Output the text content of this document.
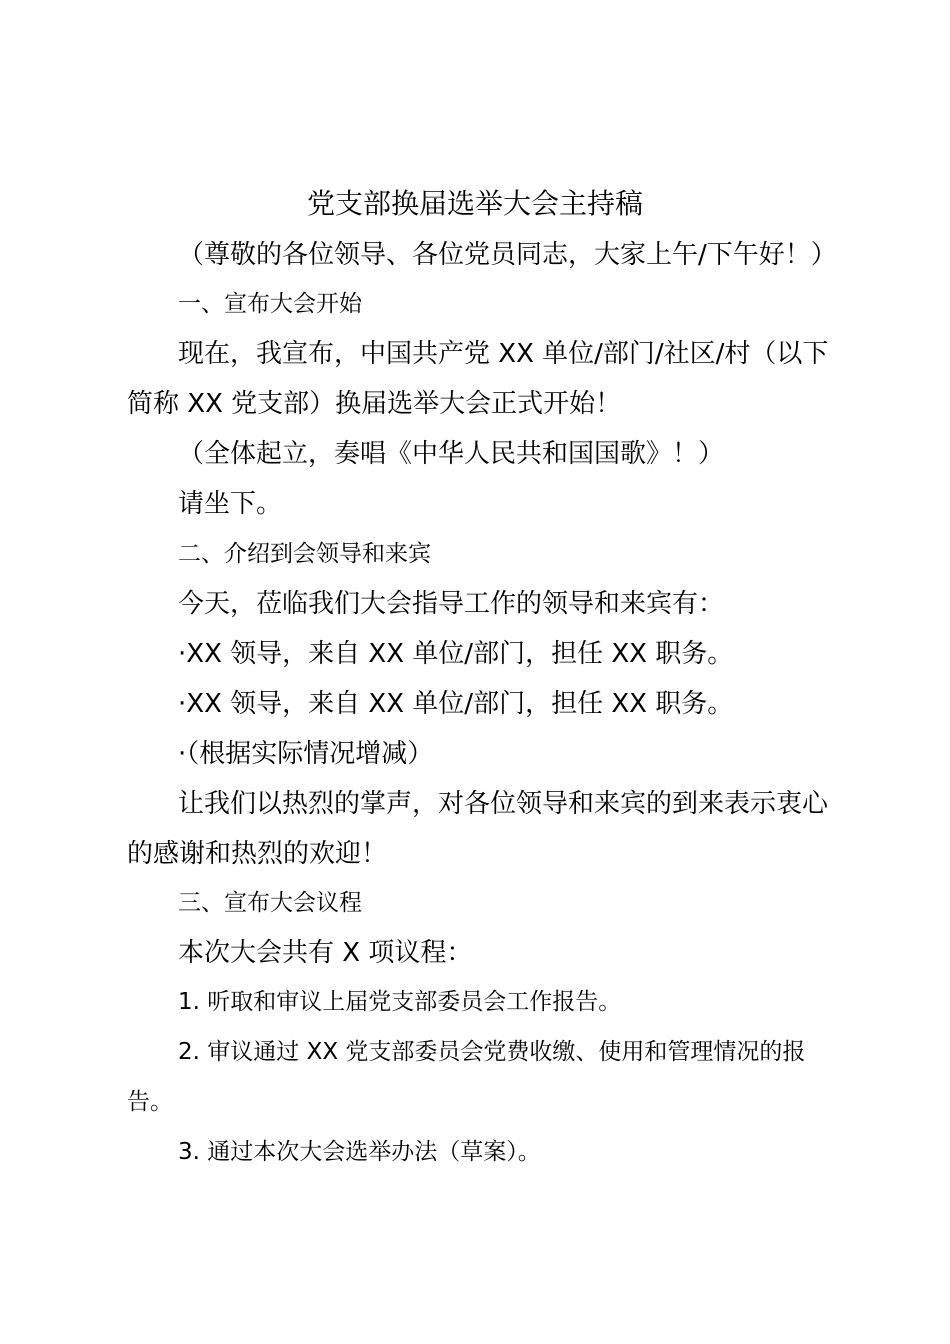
党支部换届选举大会主持稿
（尊敬的各位领导、各位党员同志，大家上午/下午好！）
一、宣布大会开始
现在，我宣布，中国共产党 XX 单位/部门/社区/村（以下
简称 XX 党支部）换届选举大会正式开始！
（全体起立，奏唱《中华人民共和国国歌》！）
请坐下。
二、介绍到会领导和来宾
今天，莅临我们大会指导工作的领导和来宾有：
·XX 领导，来自 XX 单位/部门，担任 XX 职务。
·XX 领导，来自 XX 单位/部门，担任 XX 职务。
·（根据实际情况增减）
让我们以热烈的掌声，对各位领导和来宾的到来表示衷心
的感谢和热烈的欢迎！
三、宣布大会议程
本次大会共有 X 项议程：
1. 听取和审议上届党支部委员会工作报告。
2. 审议通过 XX 党支部委员会党费收缴、使用和管理情况的报
告。
3. 通过本次大会选举办法（草案）。
